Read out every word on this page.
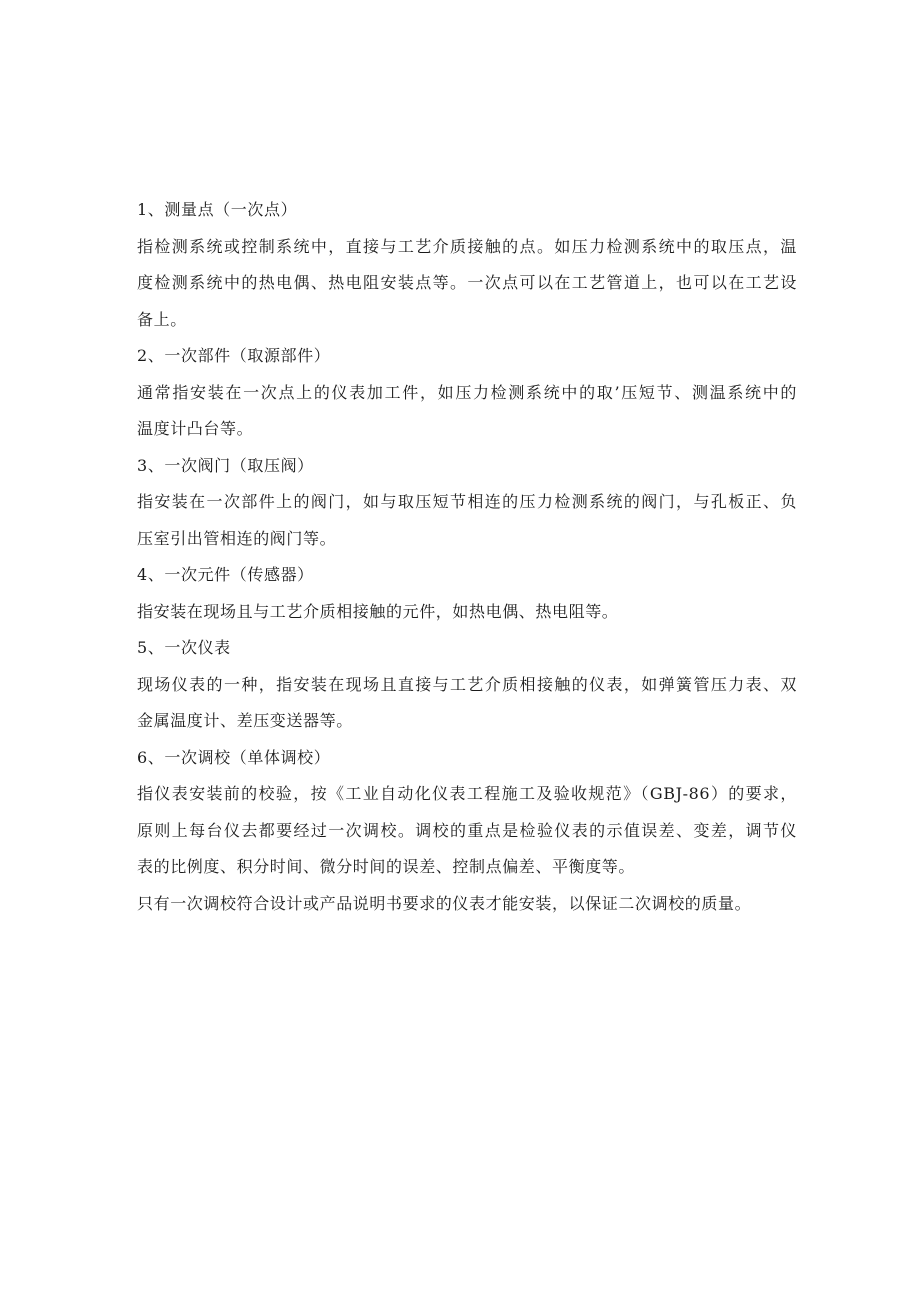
1、测量点（一次点）

指检测系统或控制系统中，直接与工艺介质接触的点。如压力检测系统中的取压点，温

度检测系统中的热电偶、热电阻安装点等。一次点可以在工艺管道上，也可以在工艺设

备上。

2、一次部件（取源部件）

通常指安装在一次点上的仪表加工件，如压力检测系统中的取’压短节、测温系统中的

温度计凸台等。

3、一次阀门（取压阀）

指安装在一次部件上的阀门，如与取压短节相连的压力检测系统的阀门，与孔板正、负

压室引出管相连的阀门等。

4、一次元件（传感器）

指安装在现场且与工艺介质相接触的元件，如热电偶、热电阻等。

5、一次仪表

现场仪表的一种，指安装在现场且直接与工艺介质相接触的仪表，如弹簧管压力表、双

金属温度计、差压变送器等。

6、一次调校（单体调校）

指仪表安装前的校验，按《工业自动化仪表工程施工及验收规范》（GBJ-86）的要求，

原则上每台仪去都要经过一次调校。调校的重点是检验仪表的示值误差、变差，调节仪

表的比例度、积分时间、微分时间的误差、控制点偏差、平衡度等。

只有一次调校符合设计或产品说明书要求的仪表才能安装，以保证二次调校的质量。
